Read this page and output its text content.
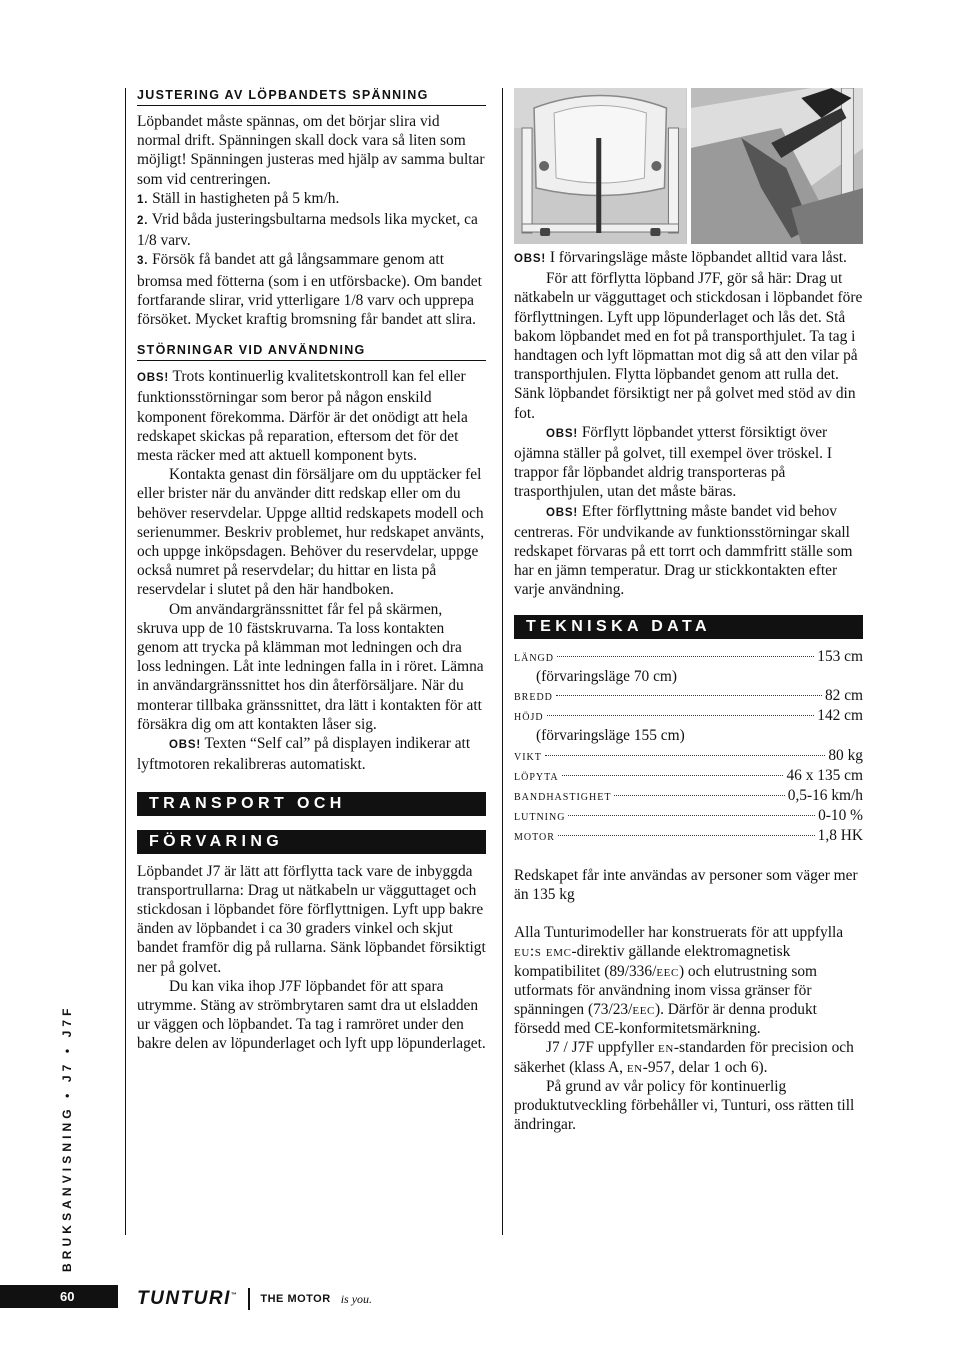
JUSTERING AV LÖPBANDETS SPÄNNING

Löpbandet måste spännas, om det börjar slira vid normal drift. Spänningen skall dock vara så liten som möjligt! Spänningen justeras med hjälp av samma bultar som vid centreringen.

1. Ställ in hastigheten på 5 km/h.

2. Vrid båda justeringsbultarna medsols lika mycket, ca 1/8 varv.

3. Försök få bandet att gå långsammare genom att bromsa med fötterna (som i en utförsbacke). Om bandet fortfarande slirar, vrid ytterligare 1/8 varv och upprepa försöket. Mycket kraftig bromsning får bandet att slira.

STÖRNINGAR VID ANVÄNDNING

OBS! Trots kontinuerlig kvalitetskontroll kan fel eller funktionsstörningar som beror på någon enskild komponent förekomma. Därför är det onödigt att hela redskapet skickas på reparation, eftersom det för det mesta räcker med att aktuell komponent byts.

Kontakta genast din försäljare om du upptäcker fel eller brister när du använder ditt redskap eller om du behöver reservdelar. Uppge alltid redskapets modell och serienummer. Beskriv problemet, hur redskapet använts, och uppge inköpsdagen. Behöver du reservdelar, uppge också numret på reservdelar; du hittar en lista på reservdelar i slutet på den här handboken.

Om användargränssnittet får fel på skärmen, skruva upp de 10 fästskruvarna. Ta loss kontakten genom att trycka på klämman mot ledningen och dra loss ledningen. Låt inte ledningen falla in i röret. Lämna in användargränssnittet hos din återförsäljare. När du monterar tillbaka gränssnittet, dra lätt i kontakten för att försäkra dig om att kontakten låser sig.

OBS! Texten “Self cal” på displayen indikerar att lyftmotoren rekalibreras automatiskt.

TRANSPORT OCH
FÖRVARING

Löpbandet J7 är lätt att förflytta tack vare de inbyggda transportrullarna: Drag ut nätkabeln ur vägguttaget och stickdosan i löpbandet före förflyttnigen. Lyft upp bakre änden av löpbandet i ca 30 graders vinkel och skjut bandet framför dig på rullarna. Sänk löpbandet försiktigt ner på golvet.

Du kan vika ihop J7F löpbandet för att spara utrymme. Stäng av strömbrytaren samt dra ut elsladden ur väggen och löpbandet. Ta tag i ramröret under den bakre delen av löpunderlaget och lyft upp löpunderlaget.

OBS! I förvaringsläge måste löpbandet alltid vara låst.

För att förflytta löpband J7F, gör så här: Drag ut nätkabeln ur vägguttaget och stickdosan i löpbandet före förflyttningen. Lyft upp löpunderlaget och lås det. Stå bakom löpbandet med en fot på transporthjulet. Ta tag i handtagen och lyft löpmattan mot dig så att den vilar på transporthjulen. Flytta löpbandet genom att rulla det. Sänk löpbandet försiktigt ner på golvet med stöd av din fot.

OBS! Förflytt löpbandet ytterst försiktigt över ojämna ställer på golvet, till exempel över tröskel. I trappor får löpbandet aldrig transporteras på trasporthjulen, utan det måste bäras.

OBS! Efter förflyttning måste bandet vid behov centreras. För undvikande av funktionsstörningar skall redskapet förvaras på ett torrt och dammfritt ställe som har en jämn temperatur. Drag ur stickkontakten efter varje användning.

TEKNISKA DATA
längd	153 cm
(förvaringsläge 70 cm)
bredd	82 cm
höjd	142 cm
(förvaringsläge 155 cm)
vikt	80 kg
löpyta	46 x 135 cm
bandhastighet	0,5-16 km/h
lutning	0-10 %
motor	1,8 HK

Redskapet får inte användas av personer som väger mer än 135 kg

Alla Tunturimodeller har konstruerats för att uppfylla eu:s emc-direktiv gällande elektromagnetisk kompatibilitet (89/336/eec) och elutrustning som utformats för användning inom vissa gränser för spänningen (73/23/eec). Därför är denna produkt försedd med CE-konformitetsmärkning.

J7 / J7F uppfyller en-standarden för precision och säkerhet (klass A, en-957, delar 1 och 6).

På grund av vår policy för kontinuerlig produktutveckling förbehåller vi, Tunturi, oss rätten till ändringar.

BRUKSANVISNING • J7 • J7F
60	TUNTURI™ THE MOTOR is you.
